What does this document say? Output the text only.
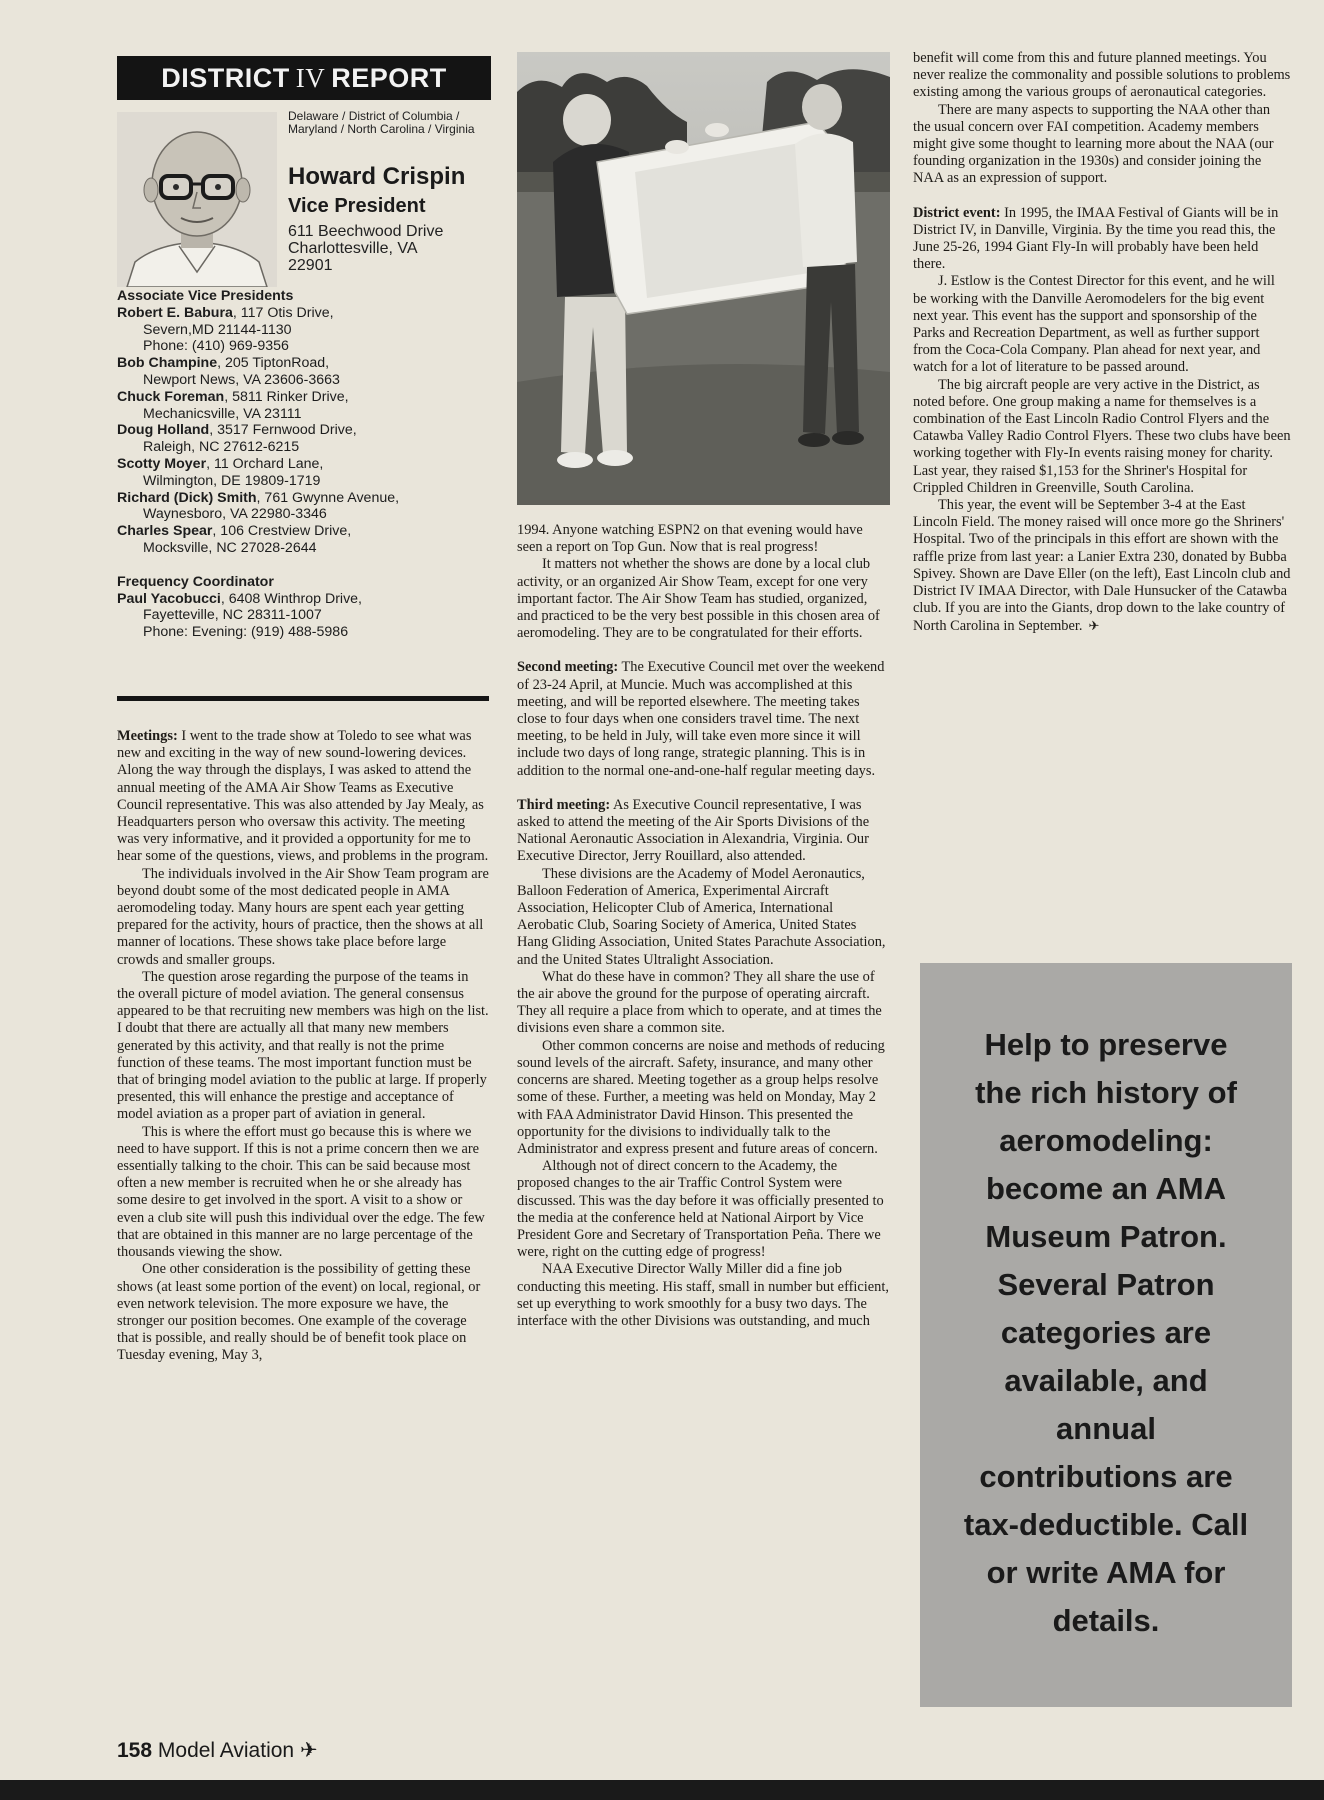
DISTRICT IV REPORT
Delaware / District of Columbia / Maryland / North Carolina / Virginia
Howard Crispin
Vice President
611 Beechwood Drive
Charlottesville, VA
22901
Associate Vice Presidents
Robert E. Babura, 117 Otis Drive,
Severn,MD 21144-1130
Phone: (410) 969-9356
Bob Champine, 205 TiptonRoad,
Newport News, VA 23606-3663
Chuck Foreman, 5811 Rinker Drive,
Mechanicsville, VA 23111
Doug Holland, 3517 Fernwood Drive,
Raleigh, NC 27612-6215
Scotty Moyer, 11 Orchard Lane,
Wilmington, DE 19809-1719
Richard (Dick) Smith, 761 Gwynne Avenue,
Waynesboro, VA 22980-3346
Charles Spear, 106 Crestview Drive,
Mocksville, NC 27028-2644
Frequency Coordinator
Paul Yacobucci, 6408 Winthrop Drive,
Fayetteville, NC 28311-1007
Phone: Evening: (919) 488-5986

Meetings: I went to the trade show at Toledo to see what was new and exciting in the way of new sound-lowering devices. Along the way through the displays, I was asked to attend the annual meeting of the AMA Air Show Teams as Executive Council representative. This was also attended by Jay Mealy, as Headquarters person who oversaw this activity. The meeting was very informative, and it provided a opportunity for me to hear some of the questions, views, and problems in the program.

The individuals involved in the Air Show Team program are beyond doubt some of the most dedicated people in AMA aeromodeling today. Many hours are spent each year getting prepared for the activity, hours of practice, then the shows at all manner of locations. These shows take place before large crowds and smaller groups.

The question arose regarding the purpose of the teams in the overall picture of model aviation. The general consensus appeared to be that recruiting new members was high on the list. I doubt that there are actually all that many new members generated by this activity, and that really is not the prime function of these teams. The most important function must be that of bringing model aviation to the public at large. If properly presented, this will enhance the prestige and acceptance of model aviation as a proper part of aviation in general.

This is where the effort must go because this is where we need to have support. If this is not a prime concern then we are essentially talking to the choir. This can be said because most often a new member is recruited when he or she already has some desire to get involved in the sport. A visit to a show or even a club site will push this individual over the edge. The few that are obtained in this manner are no large percentage of the thousands viewing the show.

One other consideration is the possibility of getting these shows (at least some portion of the event) on local, regional, or even network television. The more exposure we have, the stronger our position becomes. One example of the coverage that is possible, and really should be of benefit took place on Tuesday evening, May 3,

1994. Anyone watching ESPN2 on that evening would have seen a report on Top Gun. Now that is real progress!

It matters not whether the shows are done by a local club activity, or an organized Air Show Team, except for one very important factor. The Air Show Team has studied, organized, and practiced to be the very best possible in this chosen area of aeromodeling. They are to be congratulated for their efforts.

Second meeting: The Executive Council met over the weekend of 23-24 April, at Muncie. Much was accomplished at this meeting, and will be reported elsewhere. The meeting takes close to four days when one considers travel time. The next meeting, to be held in July, will take even more since it will include two days of long range, strategic planning. This is in addition to the normal one-and-one-half regular meeting days.

Third meeting: As Executive Council representative, I was asked to attend the meeting of the Air Sports Divisions of the National Aeronautic Association in Alexandria, Virginia. Our Executive Director, Jerry Rouillard, also attended.

These divisions are the Academy of Model Aeronautics, Balloon Federation of America, Experimental Aircraft Association, Helicopter Club of America, International Aerobatic Club, Soaring Society of America, United States Hang Gliding Association, United States Parachute Association, and the United States Ultralight Association.

What do these have in common? They all share the use of the air above the ground for the purpose of operating aircraft. They all require a place from which to operate, and at times the divisions even share a common site.

Other common concerns are noise and methods of reducing sound levels of the aircraft. Safety, insurance, and many other concerns are shared. Meeting together as a group helps resolve some of these. Further, a meeting was held on Monday, May 2 with FAA Administrator David Hinson. This presented the opportunity for the divisions to individually talk to the Administrator and express present and future areas of concern.

Although not of direct concern to the Academy, the proposed changes to the air Traffic Control System were discussed. This was the day before it was officially presented to the media at the conference held at National Airport by Vice President Gore and Secretary of Transportation Peña. There we were, right on the cutting edge of progress!

NAA Executive Director Wally Miller did a fine job conducting this meeting. His staff, small in number but efficient, set up everything to work smoothly for a busy two days. The interface with the other Divisions was outstanding, and much

benefit will come from this and future planned meetings. You never realize the commonality and possible solutions to problems existing among the various groups of aeronautical categories.

There are many aspects to supporting the NAA other than the usual concern over FAI competition. Academy members might give some thought to learning more about the NAA (our founding organization in the 1930s) and consider joining the NAA as an expression of support.

District event: In 1995, the IMAA Festival of Giants will be in District IV, in Danville, Virginia. By the time you read this, the June 25-26, 1994 Giant Fly-In will probably have been held there.

J. Estlow is the Contest Director for this event, and he will be working with the Danville Aeromodelers for the big event next year. This event has the support and sponsorship of the Parks and Recreation Department, as well as further support from the Coca-Cola Company. Plan ahead for next year, and watch for a lot of literature to be passed around.

The big aircraft people are very active in the District, as noted before. One group making a name for themselves is a combination of the East Lincoln Radio Control Flyers and the Catawba Valley Radio Control Flyers. These two clubs have been working together with Fly-In events raising money for charity. Last year, they raised $1,153 for the Shriner's Hospital for Crippled Children in Greenville, South Carolina.

This year, the event will be September 3-4 at the East Lincoln Field. The money raised will once more go the Shriners' Hospital. Two of the principals in this effort are shown with the raffle prize from last year: a Lanier Extra 230, donated by Bubba Spivey. Shown are Dave Eller (on the left), East Lincoln club and District IV IMAA Director, with Dale Hunsucker of the Catawba club. If you are into the Giants, drop down to the lake country of North Carolina in September. ✈

Help to preserve
the rich history of
aeromodeling:
become an AMA
Museum Patron.
Several Patron
categories are
available, and
annual
contributions are
tax-deductible. Call
or write AMA for
details.
158 Model Aviation ✈
